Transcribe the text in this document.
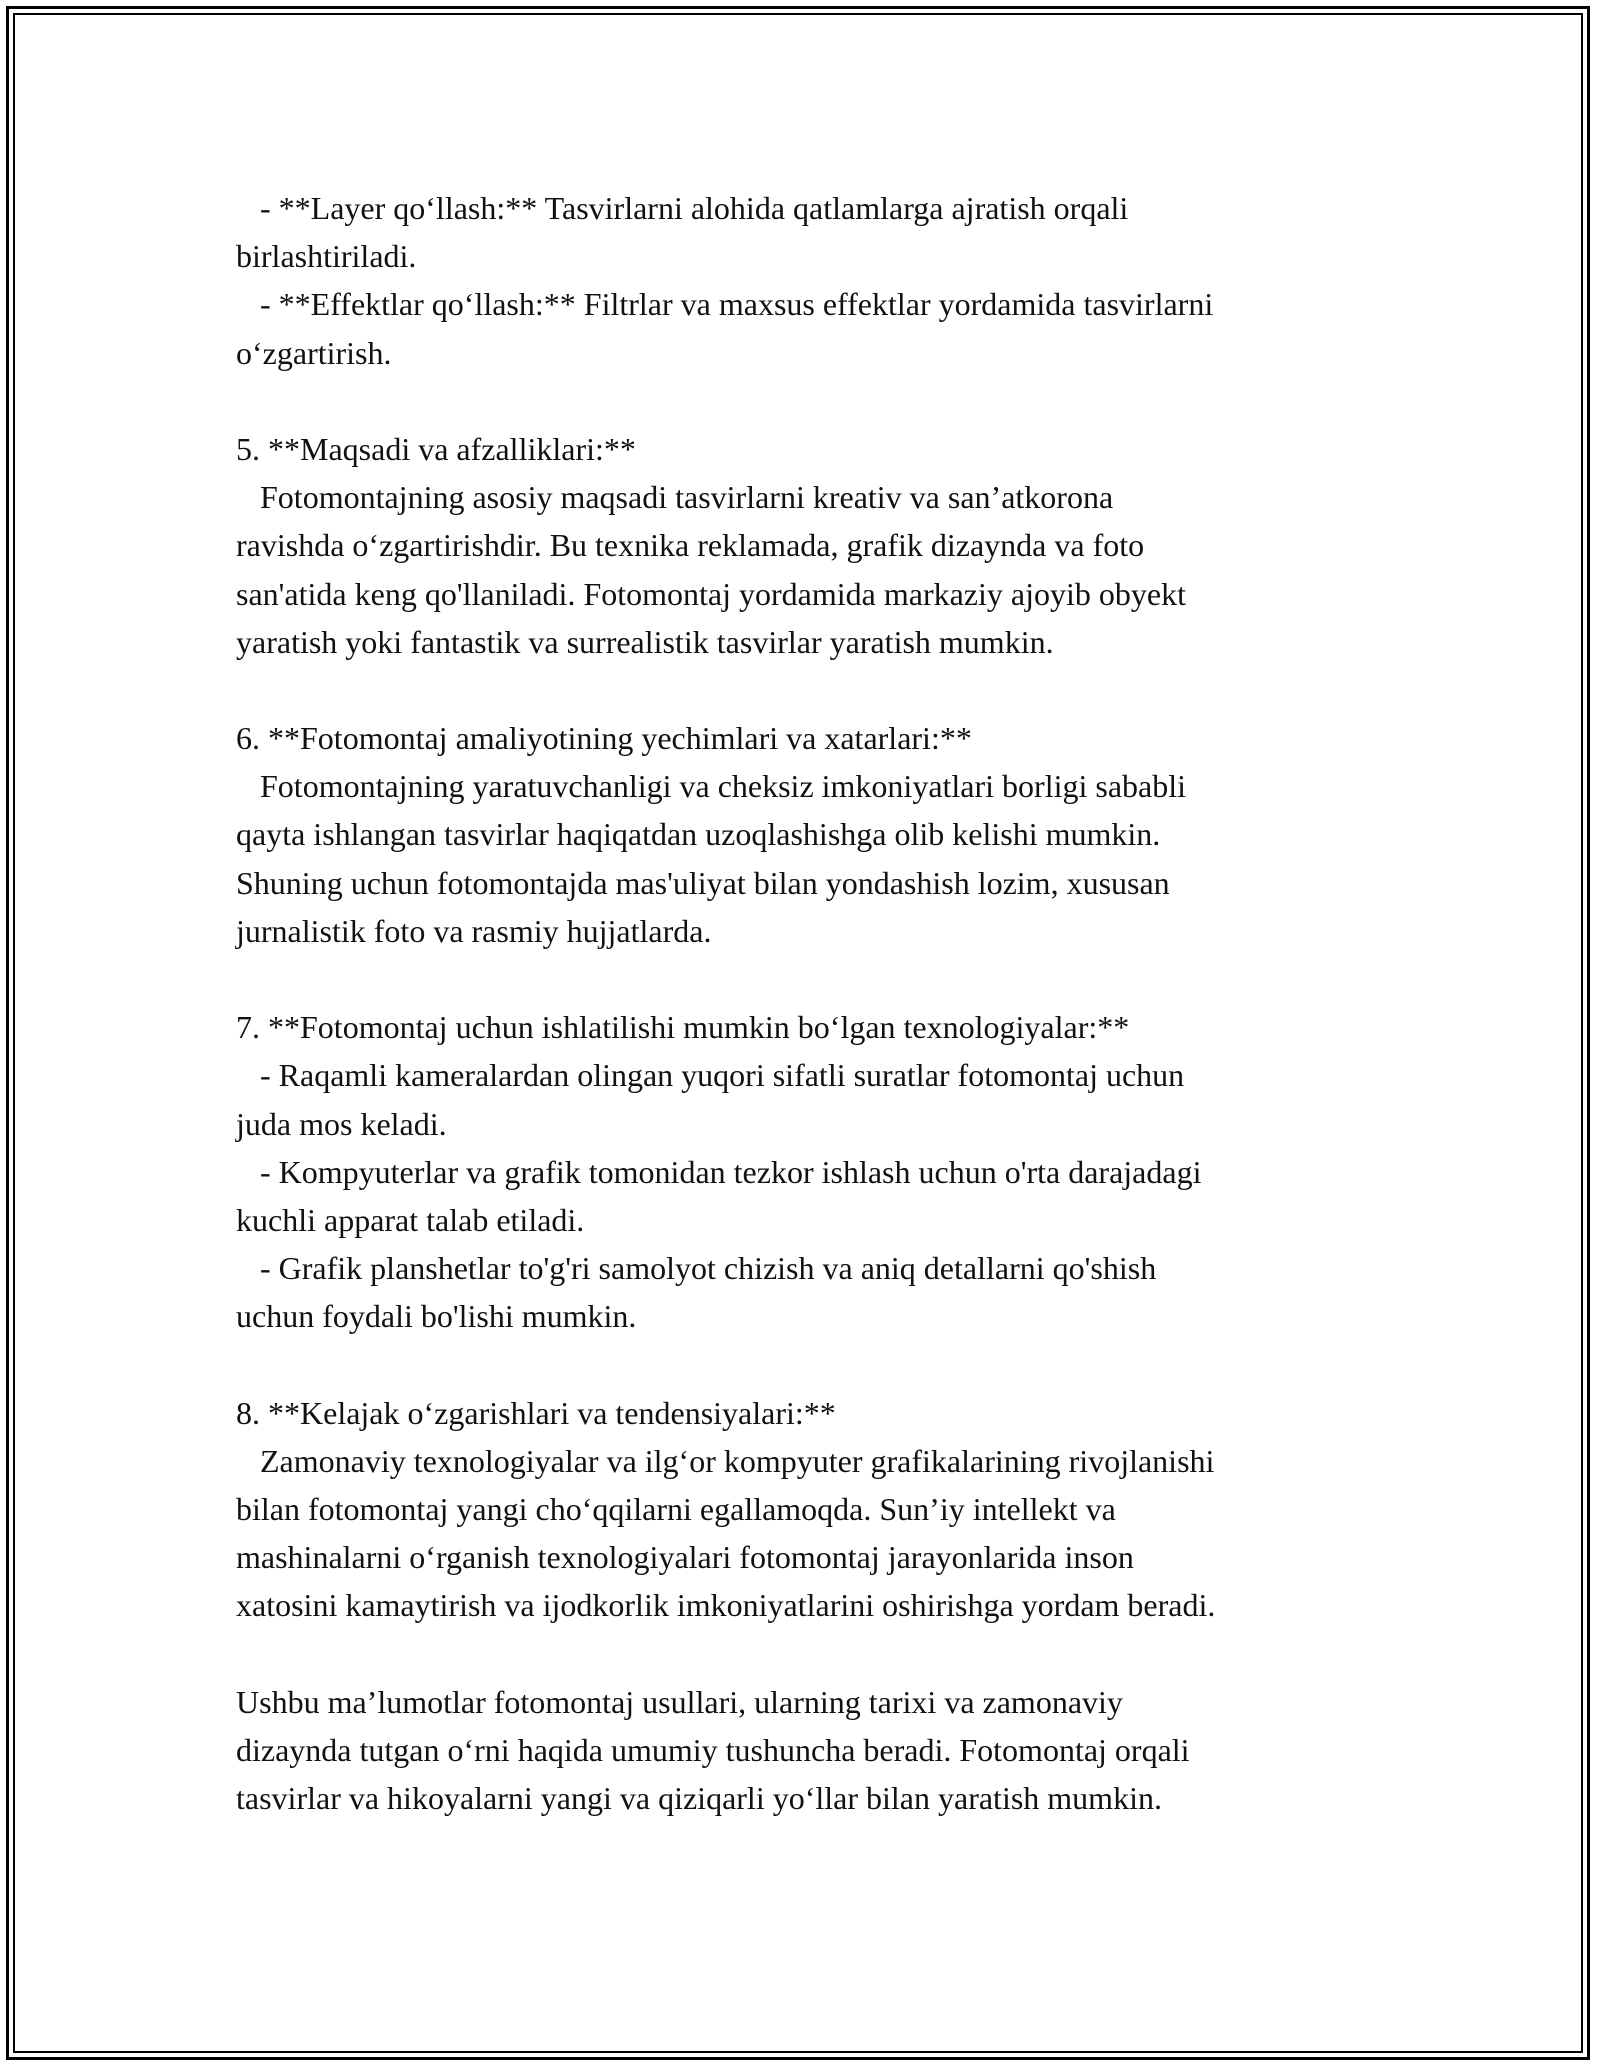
- **Layer qo‘llash:** Tasvirlarni alohida qatlamlarga ajratish orqali
birlashtiriladi.
- **Effektlar qo‘llash:** Filtrlar va maxsus effektlar yordamida tasvirlarni
o‘zgartirish.
5. **Maqsadi va afzalliklari:**
Fotomontajning asosiy maqsadi tasvirlarni kreativ va san’atkorona
ravishda o‘zgartirishdir. Bu texnika reklamada, grafik dizaynda va foto
san'atida keng qo'llaniladi. Fotomontaj yordamida markaziy ajoyib obyekt
yaratish yoki fantastik va surrealistik tasvirlar yaratish mumkin.
6. **Fotomontaj amaliyotining yechimlari va xatarlari:**
Fotomontajning yaratuvchanligi va cheksiz imkoniyatlari borligi sababli
qayta ishlangan tasvirlar haqiqatdan uzoqlashishga olib kelishi mumkin.
Shuning uchun fotomontajda mas'uliyat bilan yondashish lozim, xususan
jurnalistik foto va rasmiy hujjatlarda.
7. **Fotomontaj uchun ishlatilishi mumkin bo‘lgan texnologiyalar:**
- Raqamli kameralardan olingan yuqori sifatli suratlar fotomontaj uchun
juda mos keladi.
- Kompyuterlar va grafik tomonidan tezkor ishlash uchun o'rta darajadagi
kuchli apparat talab etiladi.
- Grafik planshetlar to'g'ri samolyot chizish va aniq detallarni qo'shish
uchun foydali bo'lishi mumkin.
8. **Kelajak o‘zgarishlari va tendensiyalari:**
Zamonaviy texnologiyalar va ilg‘or kompyuter grafikalarining rivojlanishi
bilan fotomontaj yangi cho‘qqilarni egallamoqda. Sun’iy intellekt va
mashinalarni o‘rganish texnologiyalari fotomontaj jarayonlarida inson
xatosini kamaytirish va ijodkorlik imkoniyatlarini oshirishga yordam beradi.
Ushbu ma’lumotlar fotomontaj usullari, ularning tarixi va zamonaviy
dizaynda tutgan o‘rni haqida umumiy tushuncha beradi. Fotomontaj orqali
tasvirlar va hikoyalarni yangi va qiziqarli yo‘llar bilan yaratish mumkin.
